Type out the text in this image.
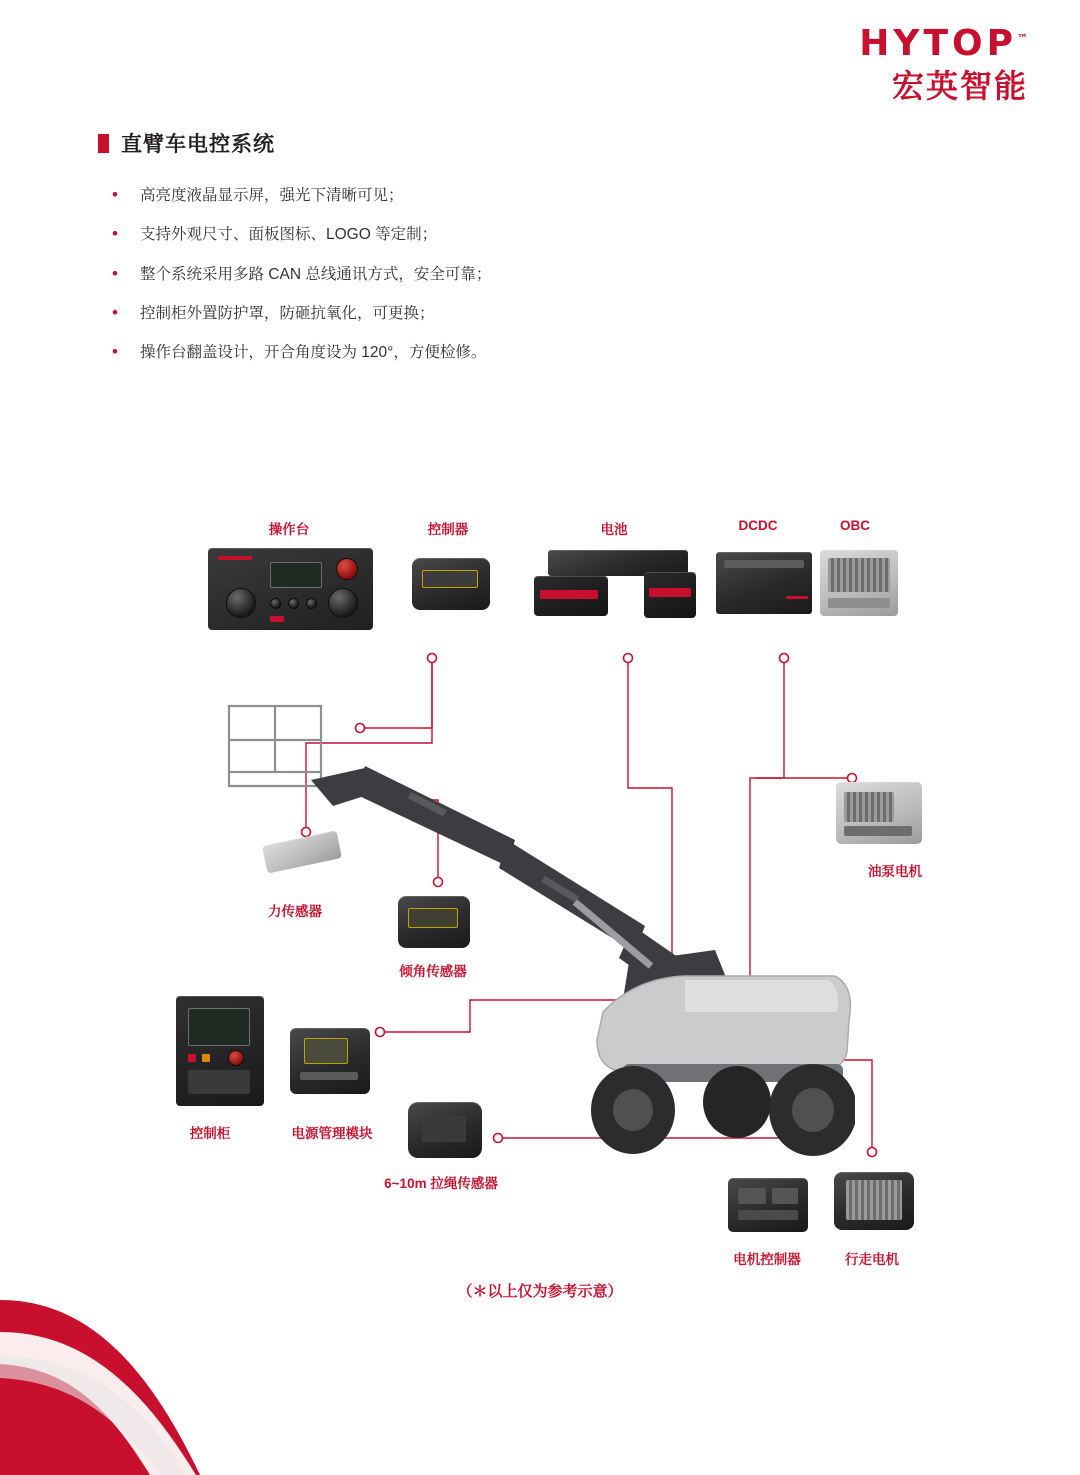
HYTOP™
宏英智能
直臂车电控系统
•	高亮度液晶显示屏，强光下清晰可见；
•	支持外观尺寸、面板图标、LOGO 等定制；
•	整个系统采用多路 CAN 总线通讯方式，安全可靠；
•	控制柜外置防护罩，防砸抗氧化，可更换；
•	操作台翻盖设计，开合角度设为 120°，方便检修。
操作台	控制器	电池	DCDC	OBC
油泵电机
力传感器
倾角传感器
控制柜	电源管理模块
6~10m 拉绳传感器
电机控制器	行走电机
（＊以上仅为参考示意）
